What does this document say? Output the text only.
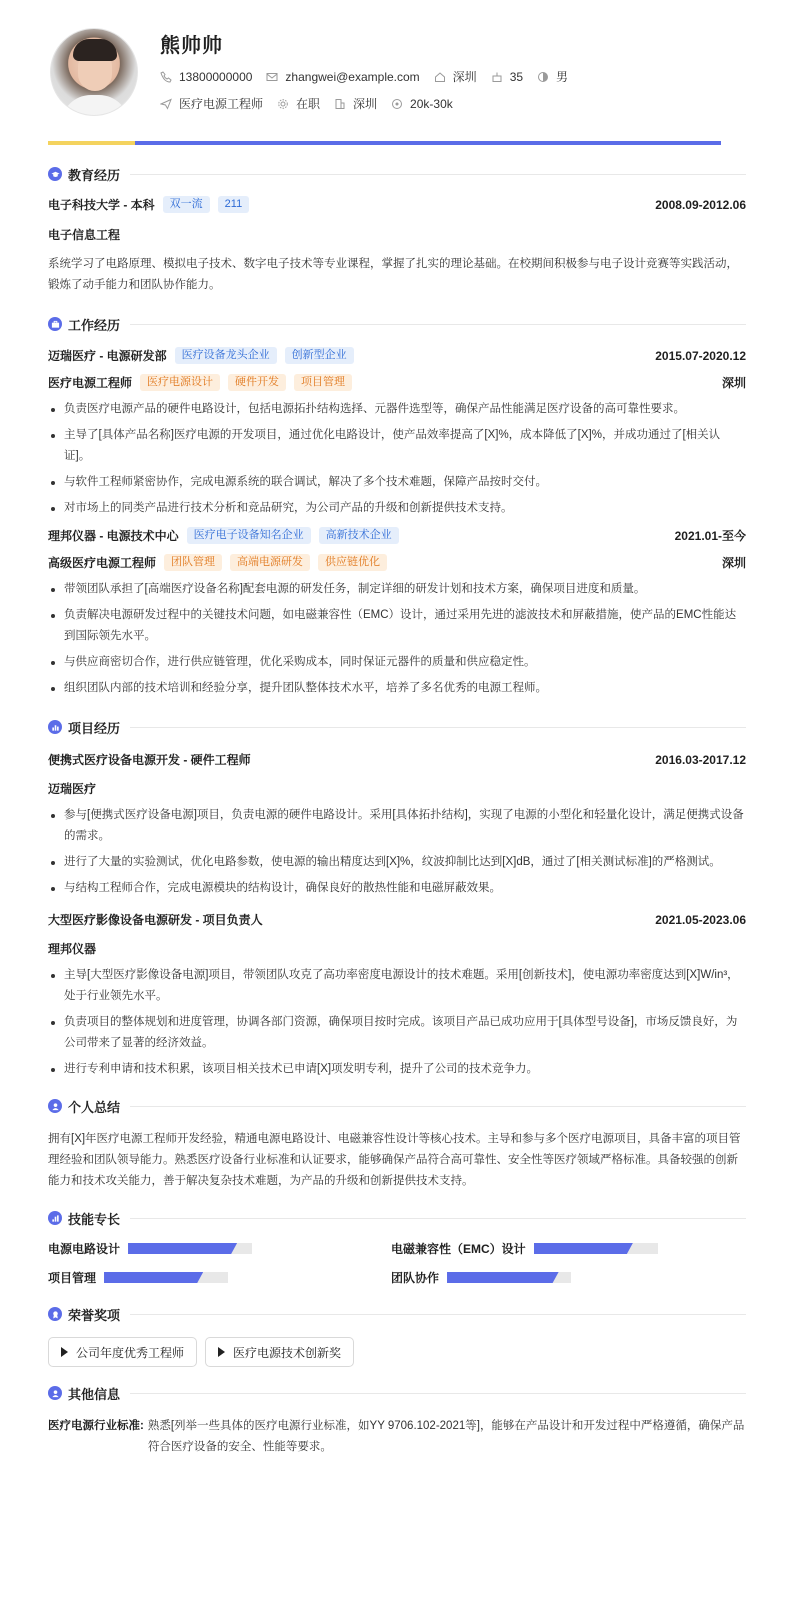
熊帅帅
13800000000	zhangwei@example.com	深圳	35	男
医疗电源工程师	在职	深圳	20k-30k
教育经历
电子科技大学 - 本科	双一流	211	2008.09-2012.06
电子信息工程
系统学习了电路原理、模拟电子技术、数字电子技术等专业课程，掌握了扎实的理论基础。在校期间积极参与电子设计竞赛等实践活动，锻炼了动手能力和团队协作能力。
工作经历
迈瑞医疗 - 电源研发部	医疗设备龙头企业	创新型企业	2015.07-2020.12
医疗电源工程师	医疗电源设计	硬件开发	项目管理	深圳
负责医疗电源产品的硬件电路设计，包括电源拓扑结构选择、元器件选型等，确保产品性能满足医疗设备的高可靠性要求。
主导了[具体产品名称]医疗电源的开发项目，通过优化电路设计，使产品效率提高了[X]%，成本降低了[X]%，并成功通过了[相关认证]。
与软件工程师紧密协作，完成电源系统的联合调试，解决了多个技术难题，保障产品按时交付。
对市场上的同类产品进行技术分析和竞品研究，为公司产品的升级和创新提供技术支持。
理邦仪器 - 电源技术中心	医疗电子设备知名企业	高新技术企业	2021.01-至今
高级医疗电源工程师	团队管理	高端电源研发	供应链优化	深圳
带领团队承担了[高端医疗设备名称]配套电源的研发任务，制定详细的研发计划和技术方案，确保项目进度和质量。
负责解决电源研发过程中的关键技术问题，如电磁兼容性（EMC）设计，通过采用先进的滤波技术和屏蔽措施，使产品的EMC性能达到国际领先水平。
与供应商密切合作，进行供应链管理，优化采购成本，同时保证元器件的质量和供应稳定性。
组织团队内部的技术培训和经验分享，提升团队整体技术水平，培养了多名优秀的电源工程师。
项目经历
便携式医疗设备电源开发 - 硬件工程师	2016.03-2017.12
迈瑞医疗
参与[便携式医疗设备电源]项目，负责电源的硬件电路设计。采用[具体拓扑结构]，实现了电源的小型化和轻量化设计，满足便携式设备的需求。
进行了大量的实验测试，优化电路参数，使电源的输出精度达到[X]%，纹波抑制比达到[X]dB，通过了[相关测试标准]的严格测试。
与结构工程师合作，完成电源模块的结构设计，确保良好的散热性能和电磁屏蔽效果。
大型医疗影像设备电源研发 - 项目负责人	2021.05-2023.06
理邦仪器
主导[大型医疗影像设备电源]项目，带领团队攻克了高功率密度电源设计的技术难题。采用[创新技术]，使电源功率密度达到[X]W/in³，处于行业领先水平。
负责项目的整体规划和进度管理，协调各部门资源，确保项目按时完成。该项目产品已成功应用于[具体型号设备]，市场反馈良好，为公司带来了显著的经济效益。
进行专利申请和技术积累，该项目相关技术已申请[X]项发明专利，提升了公司的技术竞争力。
个人总结
拥有[X]年医疗电源工程师开发经验，精通电源电路设计、电磁兼容性设计等核心技术。主导和参与多个医疗电源项目，具备丰富的项目管理经验和团队领导能力。熟悉医疗设备行业标准和认证要求，能够确保产品符合高可靠性、安全性等医疗领域严格标准。具备较强的创新能力和技术攻关能力，善于解决复杂技术难题，为产品的升级和创新提供技术支持。
技能专长
电源电路设计	电磁兼容性（EMC）设计
项目管理	团队协作
荣誉奖项
公司年度优秀工程师	医疗电源技术创新奖
其他信息
医疗电源行业标准: 熟悉[列举一些具体的医疗电源行业标准，如YY 9706.102-2021等]，能够在产品设计和开发过程中严格遵循，确保产品符合医疗设备的安全、性能等要求。
